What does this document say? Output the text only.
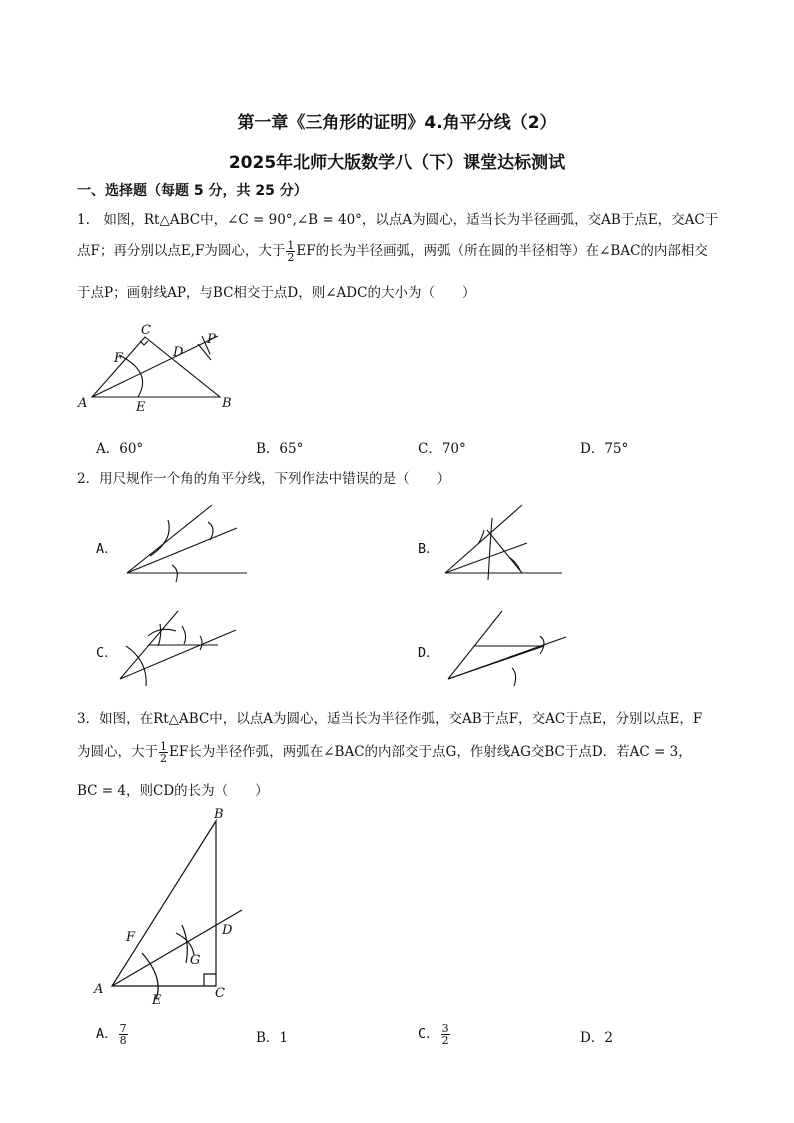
第一章《三角形的证明》4.角平分线（2）
2025年北师大版数学八（下）课堂达标测试
一、选择题（每题 5 分，共 25 分）
1.　如图，Rt△ABC中，∠C = 90°,∠B = 40°，以点A为圆心，适当长为半径画弧，交AB于点E，交AC于
点F；再分别以点E,F为圆心，大于 $\frac{1}{2}$ EF的长为半径画弧，两弧（所在圆的半径相等）在∠BAC的内部相交
于点P；画射线AP，与BC相交于点D，则∠ADC的大小为（　　）
A	B
C
D
E
F
P
A．60°	B．65°	C．70°	D．75°
2．用尺规作一个角的角平分线，下列作法中错误的是（　　）
A．	B．
C．	D．
3．如图，在Rt△ABC中，以点A为圆心，适当长为半径作弧，交AB于点F，交AC于点E，分别以点E，F
为圆心，大于 $\frac{1}{2}$ EF长为半径作弧，两弧在∠BAC的内部交于点G，作射线AG交BC于点D．若AC = 3，
BC = 4，则CD的长为（　　）
A
B
C
D
E
F
G
A． $\frac{7}{8}$	B．1	C． $\frac{3}{2}$	D．2
